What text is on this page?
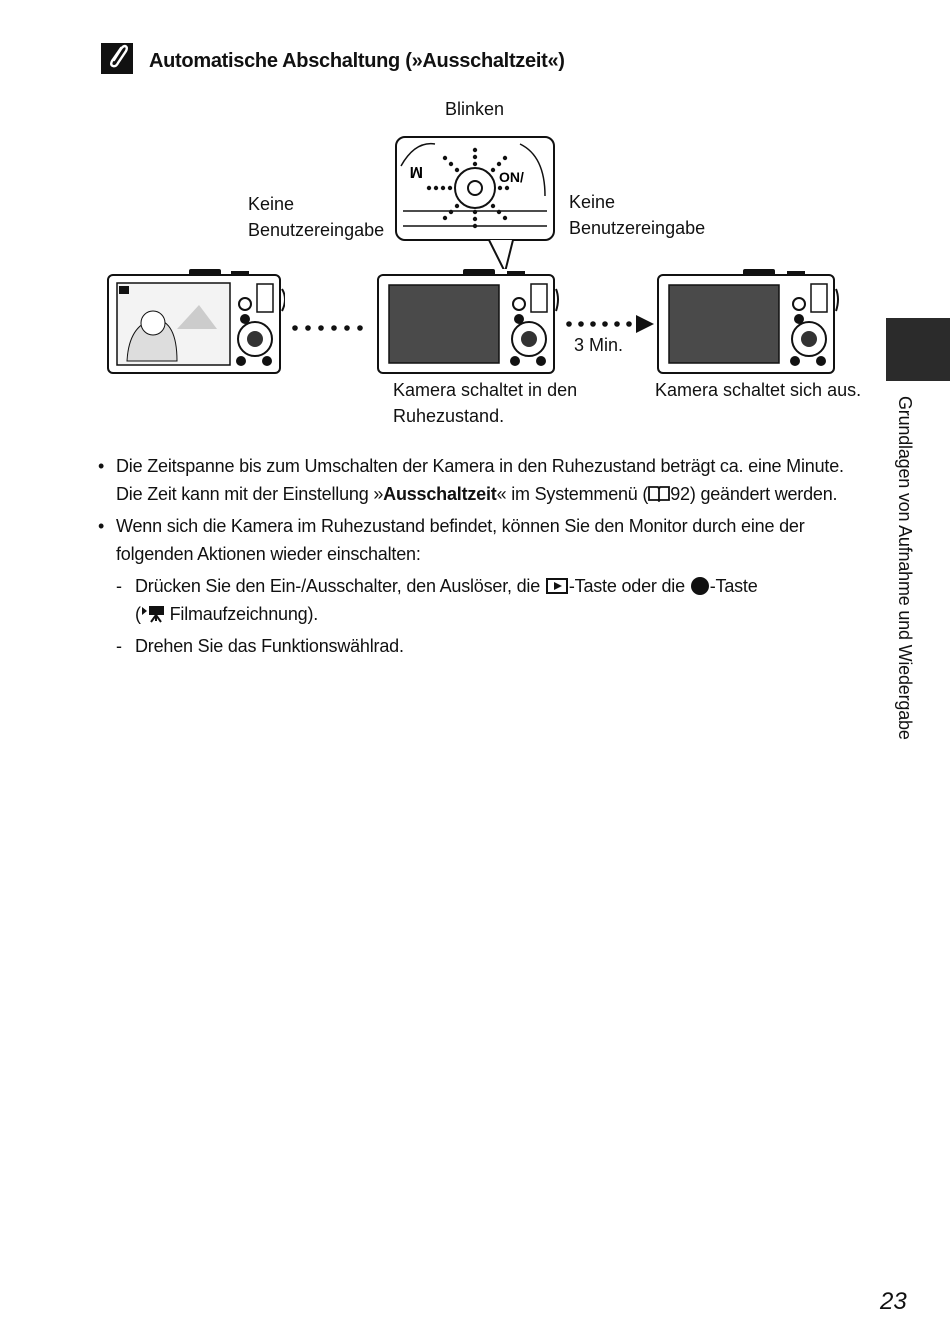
Automatische Abschaltung (»Ausschaltzeit«)
Blinken
Keine
Benutzereingabe
Keine
Benutzereingabe
M	ON/
3 Min.
Kamera schaltet in den
Ruhezustand.
Kamera schaltet sich aus.
• Die Zeitspanne bis zum Umschalten der Kamera in den Ruhezustand beträgt ca. eine Minute. Die Zeit kann mit der Einstellung »Ausschaltzeit« im Systemmenü ( 92) geändert werden.
• Wenn sich die Kamera im Ruhezustand befindet, können Sie den Monitor durch eine der folgenden Aktionen wieder einschalten:
- Drücken Sie den Ein-/Ausschalter, den Auslöser, die -Taste oder die -Taste
( Filmaufzeichnung).
- Drehen Sie das Funktionswählrad.	Grundlagen von Aufnahme und Wiedergabe
23
